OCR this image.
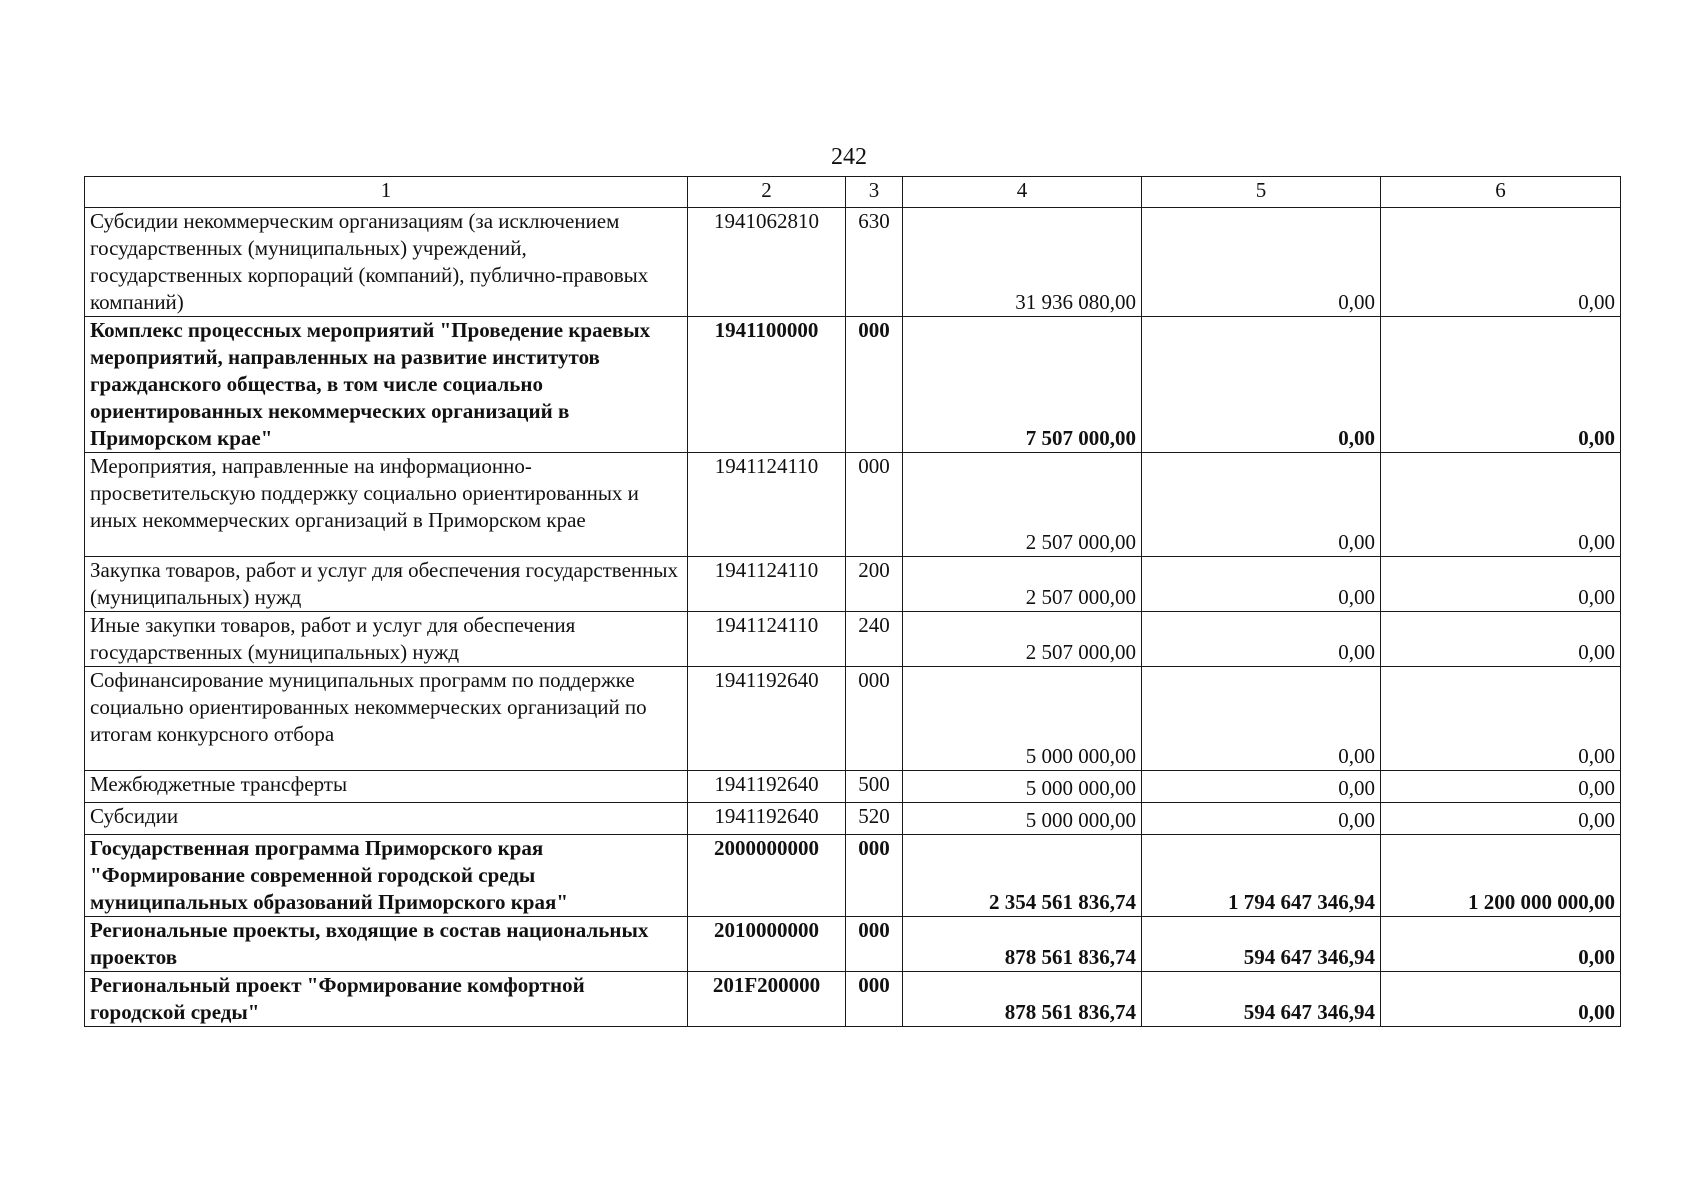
242
1	2	3	4	5	6
Субсидии некоммерческим организациям (за исключением государственных (муниципальных) учреждений, государственных корпораций (компаний), публично-правовых компаний)	1941062810	630	31 936 080,00	0,00	0,00
Комплекс процессных мероприятий "Проведение краевых мероприятий, направленных на развитие институтов гражданского общества, в том числе социально ориентированных некоммерческих организаций в Приморском крае"	1941100000	000	7 507 000,00	0,00	0,00
Мероприятия, направленные на информационно-просветительскую поддержку социально ориентированных и иных некоммерческих организаций в Приморском крае	1941124110	000	2 507 000,00	0,00	0,00
Закупка товаров, работ и услуг для обеспечения государственных (муниципальных) нужд	1941124110	200	2 507 000,00	0,00	0,00
Иные закупки товаров, работ и услуг для обеспечения государственных (муниципальных) нужд	1941124110	240	2 507 000,00	0,00	0,00
Софинансирование муниципальных программ по поддержке социально ориентированных некоммерческих организаций по итогам конкурсного отбора	1941192640	000	5 000 000,00	0,00	0,00
Межбюджетные трансферты	1941192640	500	5 000 000,00	0,00	0,00
Субсидии	1941192640	520	5 000 000,00	0,00	0,00
Государственная программа Приморского края "Формирование современной городской среды муниципальных образований Приморского края"	2000000000	000	2 354 561 836,74	1 794 647 346,94	1 200 000 000,00
Региональные проекты, входящие в состав национальных проектов	2010000000	000	878 561 836,74	594 647 346,94	0,00
Региональный проект "Формирование комфортной городской среды"	201F200000	000	878 561 836,74	594 647 346,94	0,00
